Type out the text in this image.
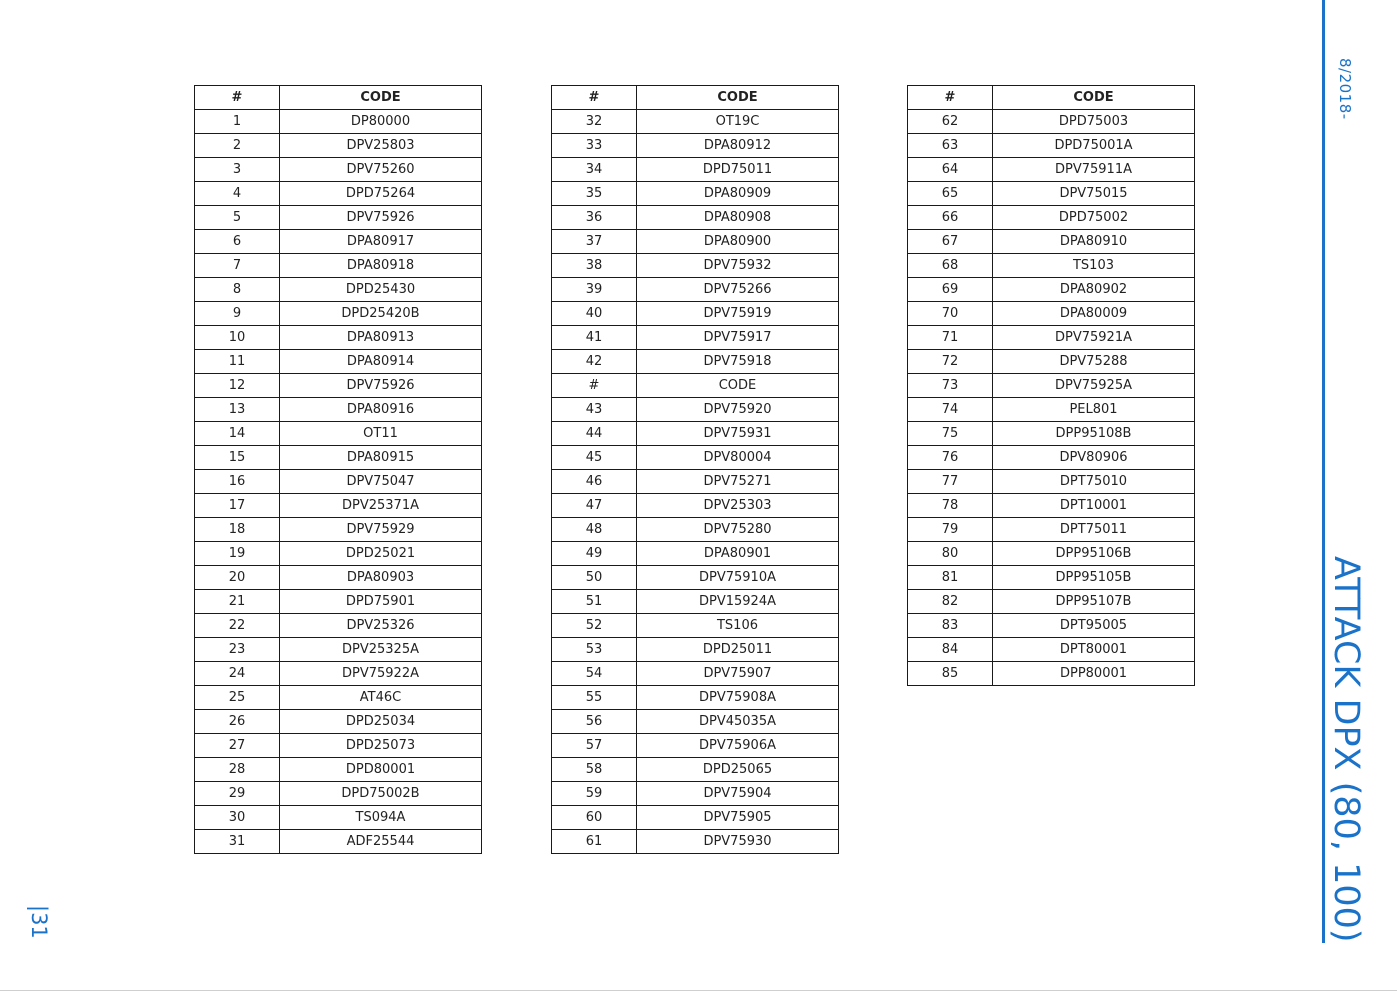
#	CODE
1	DP80000
2	DPV25803
3	DPV75260
4	DPD75264
5	DPV75926
6	DPA80917
7	DPA80918
8	DPD25430
9	DPD25420B
10	DPA80913
11	DPA80914
12	DPV75926
13	DPA80916
14	OT11
15	DPA80915
16	DPV75047
17	DPV25371A
18	DPV75929
19	DPD25021
20	DPA80903
21	DPD75901
22	DPV25326
23	DPV25325A
24	DPV75922A
25	AT46C
26	DPD25034
27	DPD25073
28	DPD80001
29	DPD75002B
30	TS094A
31	ADF25544
#	CODE
32	OT19C
33	DPA80912
34	DPD75011
35	DPA80909
36	DPA80908
37	DPA80900
38	DPV75932
39	DPV75266
40	DPV75919
41	DPV75917
42	DPV75918
#	CODE
43	DPV75920
44	DPV75931
45	DPV80004
46	DPV75271
47	DPV25303
48	DPV75280
49	DPA80901
50	DPV75910A
51	DPV15924A
52	TS106
53	DPD25011
54	DPV75907
55	DPV75908A
56	DPV45035A
57	DPV75906A
58	DPD25065
59	DPV75904
60	DPV75905
61	DPV75930
#	CODE
62	DPD75003
63	DPD75001A
64	DPV75911A
65	DPV75015
66	DPD75002
67	DPA80910
68	TS103
69	DPA80902
70	DPA80009
71	DPV75921A
72	DPV75288
73	DPV75925A
74	PEL801
75	DPP95108B
76	DPV80906
77	DPT75010
78	DPT10001
79	DPT75011
80	DPP95106B
81	DPP95105B
82	DPP95107B
83	DPT95005
84	DPT80001
85	DPP80001
8/2018-
ATTACK DPX (80, 100)
|31
